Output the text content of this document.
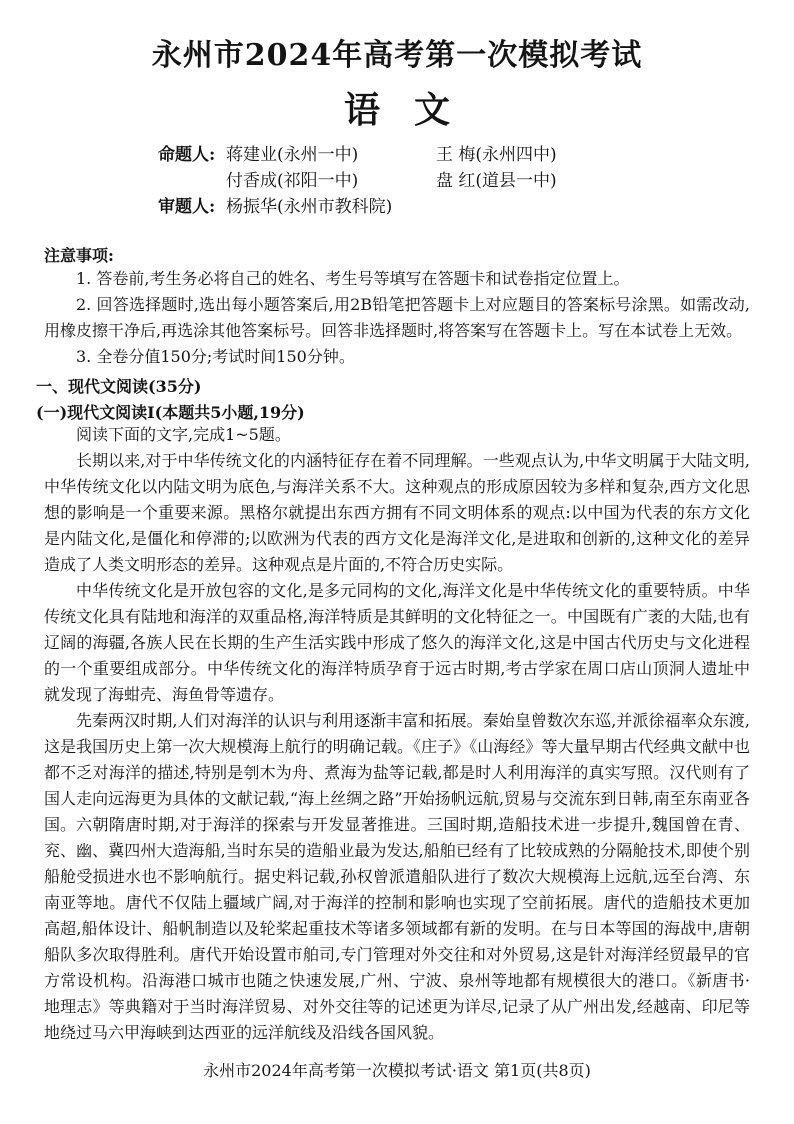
永州市2024年高考第一次模拟考试
语文
命题人: 蒋建业(永州一中)	王 梅(永州四中)
付香成(祁阳一中)	盘 红(道县一中)
审题人: 杨振华(永州市教科院)
注意事项:

1. 答卷前,考生务必将自己的姓名、考生号等填写在答题卡和试卷指定位置上。

2. 回答选择题时,选出每小题答案后,用2B铅笔把答题卡上对应题目的答案标号涂黑。如需改动,用橡皮擦干净后,再选涂其他答案标号。回答非选择题时,将答案写在答题卡上。写在本试卷上无效。

3. 全卷分值150分;考试时间150分钟。

一、现代文阅读(35分)
(一)现代文阅读Ⅰ(本题共5小题,19分)

阅读下面的文字,完成1~5题。

长期以来,对于中华传统文化的内涵特征存在着不同理解。一些观点认为,中华文明属于大陆文明,中华传统文化以内陆文明为底色,与海洋关系不大。这种观点的形成原因较为多样和复杂,西方文化思想的影响是一个重要来源。黑格尔就提出东西方拥有不同文明体系的观点:以中国为代表的东方文化是内陆文化,是僵化和停滞的;以欧洲为代表的西方文化是海洋文化,是进取和创新的,这种文化的差异造成了人类文明形态的差异。这种观点是片面的,不符合历史实际。

中华传统文化是开放包容的文化,是多元同构的文化,海洋文化是中华传统文化的重要特质。中华传统文化具有陆地和海洋的双重品格,海洋特质是其鲜明的文化特征之一。中国既有广袤的大陆,也有辽阔的海疆,各族人民在长期的生产生活实践中形成了悠久的海洋文化,这是中国古代历史与文化进程的一个重要组成部分。中华传统文化的海洋特质孕育于远古时期,考古学家在周口店山顶洞人遗址中就发现了海蚶壳、海鱼骨等遗存。

先秦两汉时期,人们对海洋的认识与利用逐渐丰富和拓展。秦始皇曾数次东巡,并派徐福率众东渡,这是我国历史上第一次大规模海上航行的明确记载。《庄子》《山海经》等大量早期古代经典文献中也都不乏对海洋的描述,特别是刳木为舟、煮海为盐等记载,都是时人利用海洋的真实写照。汉代则有了国人走向远海更为具体的文献记载,“海上丝绸之路”开始扬帆远航,贸易与交流东到日韩,南至东南亚各国。 六朝隋唐时期,对于海洋的探索与开发显著推进。三国时期,造船技术进一步提升,魏国曾在青、兖、幽、冀四州大造海船,当时东吴的造船业最为发达,船舶已经有了比较成熟的分隔舱技术,即使个别船舱受损进水也不影响航行。据史料记载,孙权曾派遣船队进行了数次大规模海上远航,远至台湾、东南亚等地。唐代不仅陆上疆域广阔,对于海洋的控制和影响也实现了空前拓展。唐代的造船技术更加高超,船体设计、船帆制造以及轮桨起重技术等诸多领域都有新的发明。在与日本等国的海战中,唐朝船队多次取得胜利。唐代开始设置市舶司,专门管理对外交往和对外贸易,这是针对海洋经贸最早的官方常设机构。沿海港口城市也随之快速发展,广州、宁波、泉州等地都有规模很大的港口。《新唐书·地理志》等典籍对于当时海洋贸易、对外交往等的记述更为详尽,记录了从广州出发,经越南、印尼等地绕过马六甲海峡到达西亚的远洋航线及沿线各国风貌。

永州市2024年高考第一次模拟考试·语文 第1页(共8页)
